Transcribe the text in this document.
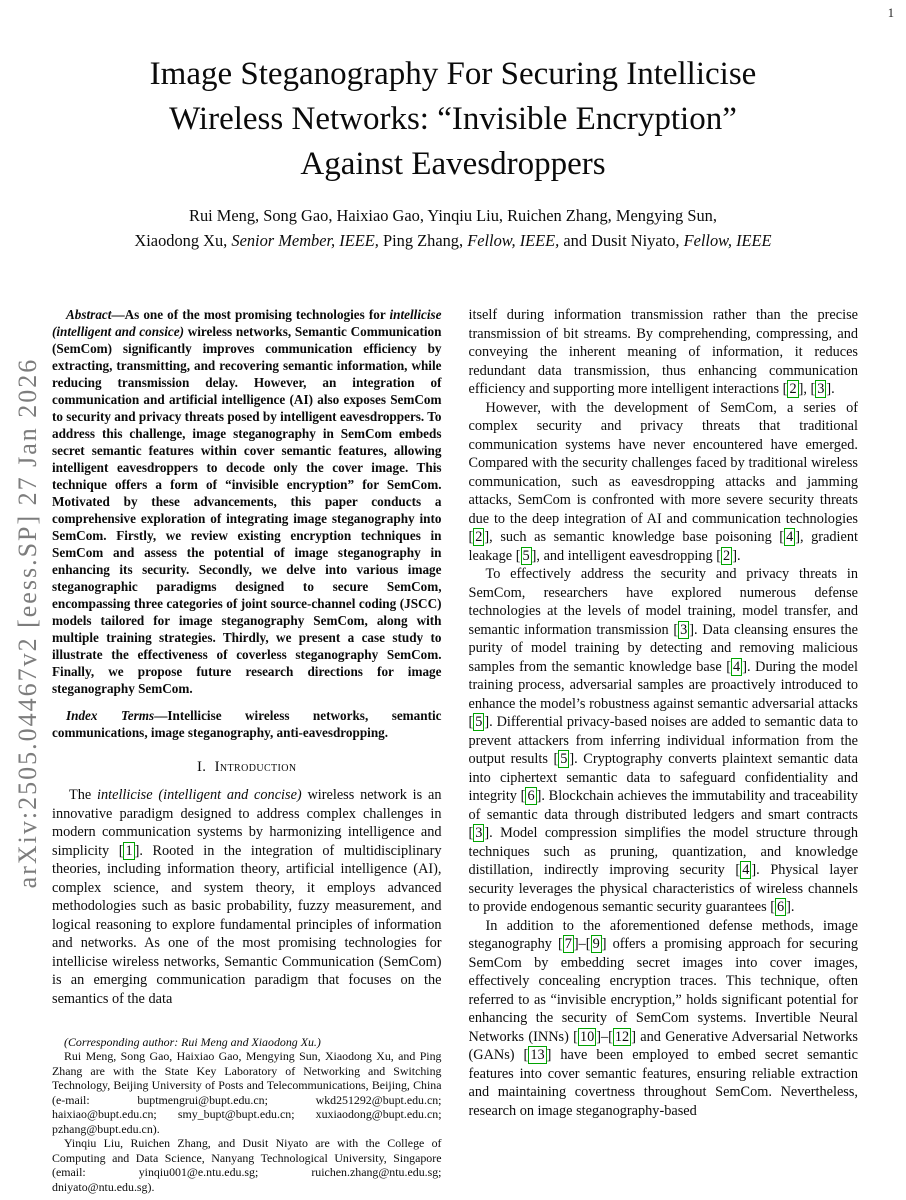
1
arXiv:2505.04467v2 [eess.SP] 27 Jan 2026
Image Steganography For Securing Intellicise
Wireless Networks: “Invisible Encryption”
Against Eavesdroppers
Rui Meng, Song Gao, Haixiao Gao, Yinqiu Liu, Ruichen Zhang, Mengying Sun,
Xiaodong Xu, Senior Member, IEEE, Ping Zhang, Fellow, IEEE, and Dusit Niyato, Fellow, IEEE

Abstract—As one of the most promising technologies for intellicise (intelligent and consice) wireless networks, Semantic Communication (SemCom) significantly improves communication efficiency by extracting, transmitting, and recovering semantic information, while reducing transmission delay. However, an integration of communication and artificial intelligence (AI) also exposes SemCom to security and privacy threats posed by intelligent eavesdroppers. To address this challenge, image steganography in SemCom embeds secret semantic features within cover semantic features, allowing intelligent eavesdroppers to decode only the cover image. This technique offers a form of “invisible encryption” for SemCom. Motivated by these advancements, this paper conducts a comprehensive exploration of integrating image steganography into SemCom. Firstly, we review existing encryption techniques in SemCom and assess the potential of image steganography in enhancing its security. Secondly, we delve into various image steganographic paradigms designed to secure SemCom, encompassing three categories of joint source-channel coding (JSCC) models tailored for image steganography SemCom, along with multiple training strategies. Thirdly, we present a case study to illustrate the effectiveness of coverless steganography SemCom. Finally, we propose future research directions for image steganography SemCom.

Index Terms—Intellicise wireless networks, semantic communications, image steganography, anti-eavesdropping.

I.  Introduction

The intellicise (intelligent and concise) wireless network is an innovative paradigm designed to address complex challenges in modern communication systems by harmonizing intelligence and simplicity [ 1 ]. Rooted in the integration of multidisciplinary theories, including information theory, artificial intelligence (AI), complex science, and system theory, it employs advanced methodologies such as basic probability, fuzzy measurement, and logical reasoning to explore fundamental principles of information and networks. As one of the most promising technologies for intellicise wireless networks, Semantic Communication (SemCom) is an emerging communication paradigm that focuses on the semantics of the data

(Corresponding author: Rui Meng and Xiaodong Xu.)

Rui Meng, Song Gao, Haixiao Gao, Mengying Sun, Xiaodong Xu, and Ping Zhang are with the State Key Laboratory of Networking and Switching Technology, Beijing University of Posts and Telecommunications, Beijing, China (e-mail: buptmengrui@bupt.edu.cn; wkd251292@bupt.edu.cn; haixiao@bupt.edu.cn; smy_bupt@bupt.edu.cn; xuxiaodong@bupt.edu.cn; pzhang@bupt.edu.cn).

Yinqiu Liu, Ruichen Zhang, and Dusit Niyato are with the College of Computing and Data Science, Nanyang Technological University, Singapore (email: yinqiu001@e.ntu.edu.sg; ruichen.zhang@ntu.edu.sg; dniyato@ntu.edu.sg).

itself during information transmission rather than the precise transmission of bit streams. By comprehending, compressing, and conveying the inherent meaning of information, it reduces redundant data transmission, thus enhancing communication efficiency and supporting more intelligent interactions [ 2 ], [ 3 ].

However, with the development of SemCom, a series of complex security and privacy threats that traditional communication systems have never encountered have emerged. Compared with the security challenges faced by traditional wireless communication, such as eavesdropping attacks and jamming attacks, SemCom is confronted with more severe security threats due to the deep integration of AI and communication technologies [ 2 ], such as semantic knowledge base poisoning [ 4 ], gradient leakage [ 5 ], and intelligent eavesdropping [ 2 ].

To effectively address the security and privacy threats in SemCom, researchers have explored numerous defense technologies at the levels of model training, model transfer, and semantic information transmission [ 3 ]. Data cleansing ensures the purity of model training by detecting and removing malicious samples from the semantic knowledge base [ 4 ]. During the model training process, adversarial samples are proactively introduced to enhance the model’s robustness against semantic adversarial attacks [ 5 ]. Differential privacy-based noises are added to semantic data to prevent attackers from inferring individual information from the output results [ 5 ]. Cryptography converts plaintext semantic data into ciphertext semantic data to safeguard confidentiality and integrity [ 6 ]. Blockchain achieves the immutability and traceability of semantic data through distributed ledgers and smart contracts [ 3 ]. Model compression simplifies the model structure through techniques such as pruning, quantization, and knowledge distillation, indirectly improving security [ 4 ]. Physical layer security leverages the physical characteristics of wireless channels to provide endogenous semantic security guarantees [ 6 ].

In addition to the aforementioned defense methods, image steganography [ 7 ]–[ 9 ] offers a promising approach for securing SemCom by embedding secret images into cover images, effectively concealing encryption traces. This technique, often referred to as “invisible encryption,” holds significant potential for enhancing the security of SemCom systems. Invertible Neural Networks (INNs) [ 10 ]–[ 12 ] and Generative Adversarial Networks (GANs) [ 13 ] have been employed to embed secret semantic features into cover semantic features, ensuring reliable extraction and maintaining covertness throughout SemCom. Nevertheless, research on image steganography-based
